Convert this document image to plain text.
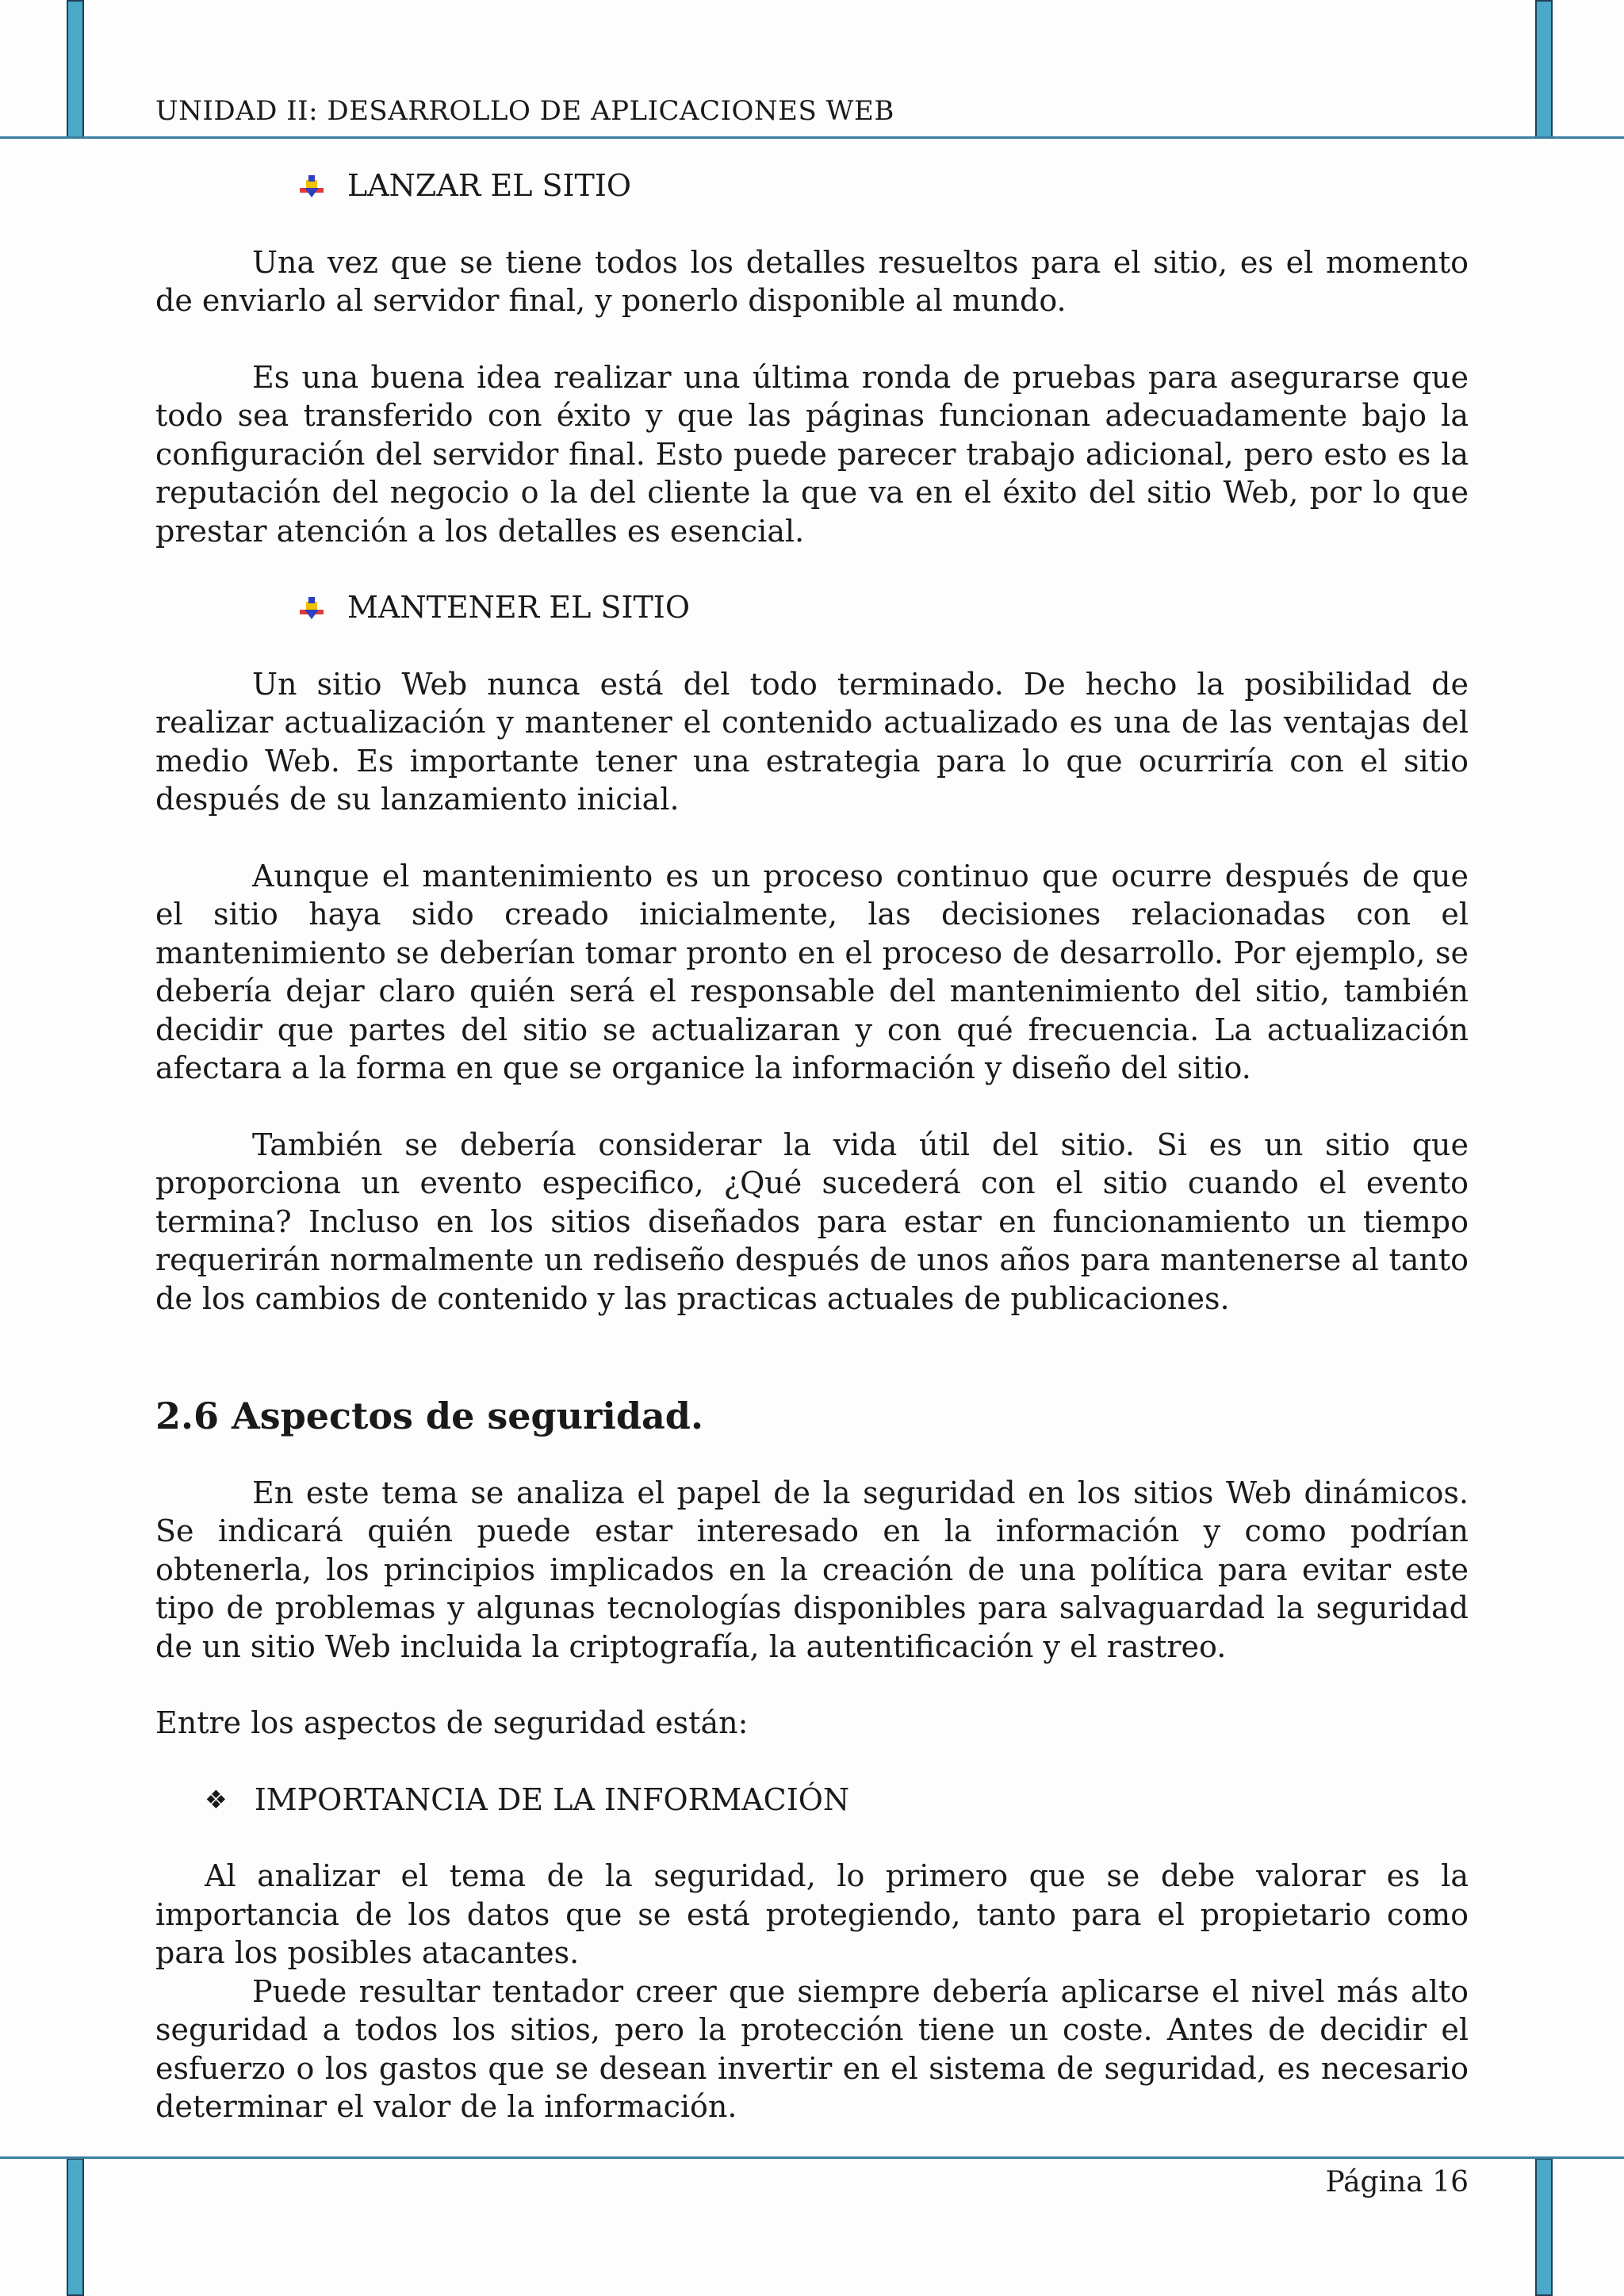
UNIDAD II: DESARROLLO DE APLICACIONES WEB
LANZAR EL SITIO

Una vez que se tiene todos los detalles resueltos para el sitio, es el momento de enviarlo al servidor final, y ponerlo disponible al mundo.

Es una buena idea realizar una última ronda de pruebas para asegurarse que todo sea transferido con éxito y que las páginas funcionan adecuadamente bajo la configuración del servidor final. Esto puede parecer trabajo adicional, pero esto es la reputación del negocio o la del cliente la que va en el éxito del sitio Web, por lo que prestar atención a los detalles es esencial.

MANTENER EL SITIO

Un sitio Web nunca está del todo terminado. De hecho la posibilidad de realizar actualización y mantener el contenido actualizado es una de las ventajas del medio Web. Es importante tener una estrategia para lo que ocurriría con el sitio después de su lanzamiento inicial.

Aunque el mantenimiento es un proceso continuo que ocurre después de que el sitio haya sido creado inicialmente, las decisiones relacionadas con el mantenimiento se deberían tomar pronto en el proceso de desarrollo. Por ejemplo, se debería dejar claro quién será el responsable del mantenimiento del sitio, también decidir que partes del sitio se actualizaran y con qué frecuencia. La actualización afectara a la forma en que se organice la información y diseño del sitio.

También se debería considerar la vida útil del sitio. Si es un sitio que proporciona un evento especifico, ¿Qué sucederá con el sitio cuando el evento termina? Incluso en los sitios diseñados para estar en funcionamiento un tiempo requerirán normalmente un rediseño después de unos años para mantenerse al tanto de los cambios de contenido y las practicas actuales de publicaciones.

2.6 Aspectos de seguridad.

En este tema se analiza el papel de la seguridad en los sitios Web dinámicos. Se indicará quién puede estar interesado en la información y como podrían obtenerla, los principios implicados en la creación de una política para evitar este tipo de problemas y algunas tecnologías disponibles para salvaguardad la seguridad de un sitio Web incluida la criptografía, la autentificación y el rastreo.

Entre los aspectos de seguridad están:

❖ IMPORTANCIA DE LA INFORMACIÓN

Al analizar el tema de la seguridad, lo primero que se debe valorar es la importancia de los datos que se está protegiendo, tanto para el propietario como para los posibles atacantes.

Puede resultar tentador creer que siempre debería aplicarse el nivel más alto seguridad a todos los sitios, pero la protección tiene un coste. Antes de decidir el esfuerzo o los gastos que se desean invertir en el sistema de seguridad, es necesario determinar el valor de la información.

Página 16
